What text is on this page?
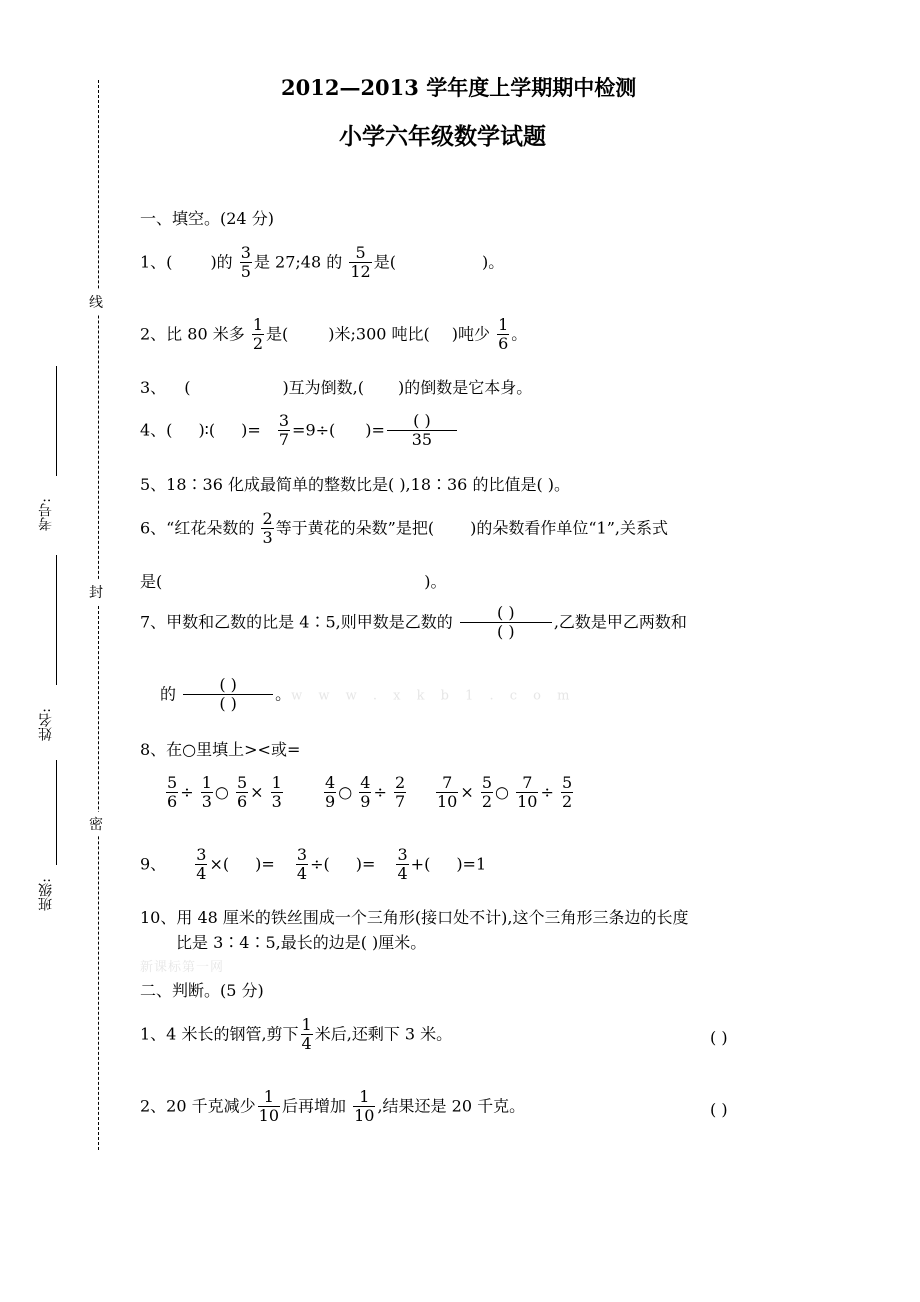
2012—2013 学年度上学期期中检测
小学六年级数学试题
线
封
密
考号:
姓名:
班级:
一、填空。(24 分)
1、( )的 $\frac{3}{5}$ 是 27;48 的 $\frac{5}{12}$ 是(	)。
2、比 80 米多 $\frac{1}{2}$ 是(	)米;300 吨比( )吨少 $\frac{1}{6}$ 。
3、 (	)互为倒数,( )的倒数是它本身。
4、( )∶( )= $\frac{3}{7} =9\div$( )= $\frac{( )}{35}$
5、18∶36 化成最简单的整数比是( ),18∶36 的比值是( )。
6、“红花朵数的 $\frac{2}{3}$ 等于黄花的朵数”是把( )的朵数看作单位“1”,关系式
是(	)。
7、甲数和乙数的比是 4∶5,则甲数是乙数的 $\frac{( )}{( )}$ ,乙数是甲乙两数和
的 $\frac{( )}{( )}$ 。w w w . x k b 1 . c o m
8、在○里填上><或=
$\frac{5}{6} \div \frac{1}{3}$ ○ $\frac{5}{6} \times \frac{1}{3}$	$\frac{4}{9}$ ○ $\frac{4}{9} \div \frac{2}{7} \frac{7}{10} \times \frac{5}{2}$ ○ $\frac{7}{10} \div \frac{5}{2}$
9、 $\frac{3}{4}$ ×( )= $\frac{3}{4}$ ÷( )= $\frac{3}{4}$ +( )=1
10、用 48 厘米的铁丝围成一个三角形(接口处不计),这个三角形三条边的长度
比是 3∶4∶5,最长的边是( )厘米。
新课标第一网
二、判断。(5 分)
1、4 米长的钢管,剪下 $\frac{1}{4}$ 米后,还剩下 3 米。	( )
2、20 千克减少 $\frac{1}{10}$ 后再增加 $\frac{1}{10}$ ,结果还是 20 千克。	( )
